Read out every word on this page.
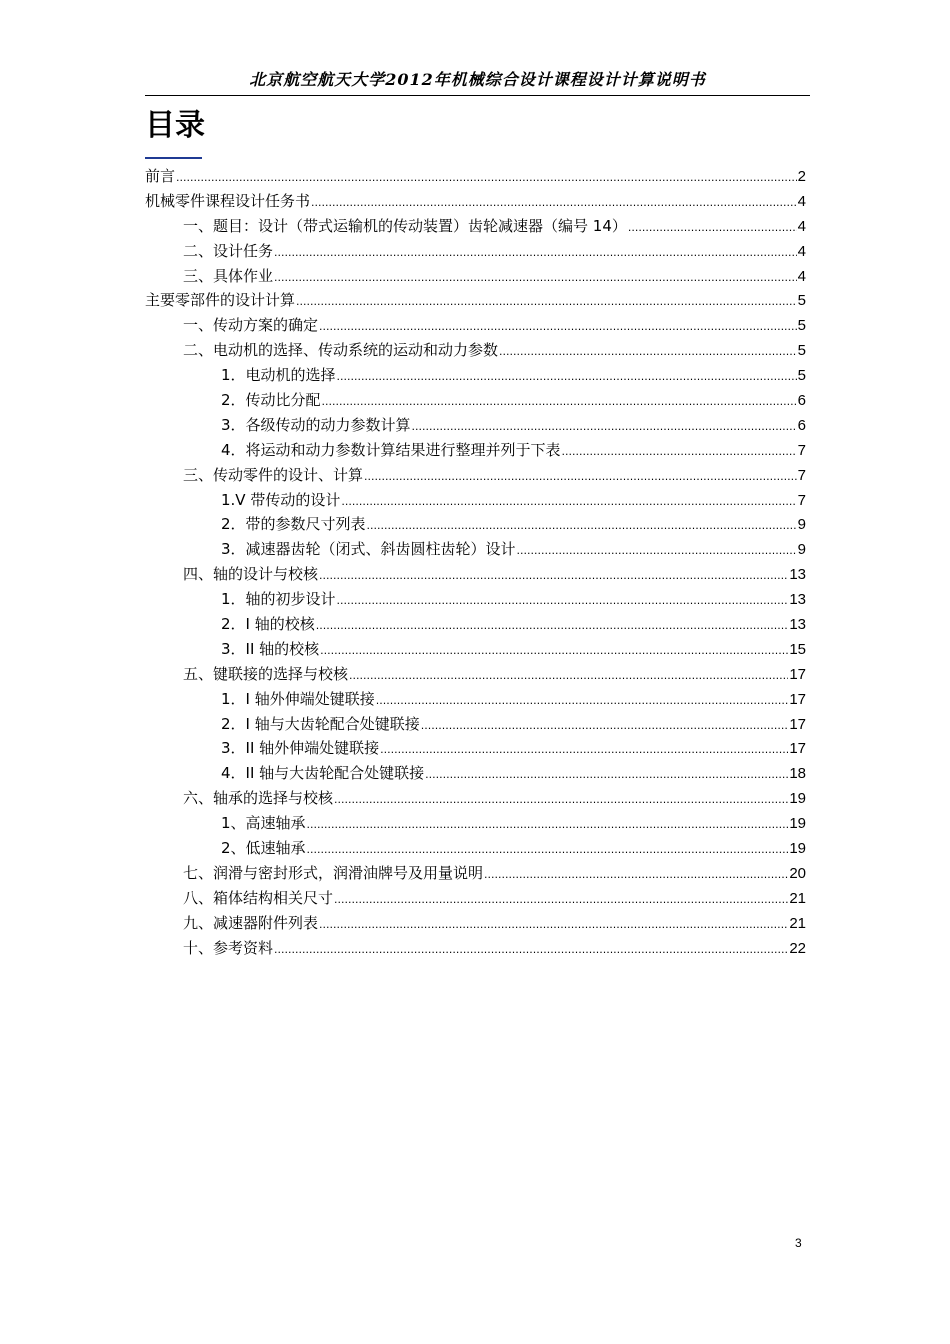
北京航空航天大学2012年机械综合设计课程设计计算说明书
目录
前言 .....	2
机械零件课程设计任务书 .....	4
一、题目：设计（带式运输机的传动装置）齿轮减速器（编号 14） .....	4
二、设计任务 .....	4
三、具体作业 .....	4
主要零部件的设计计算 .....	5
一、传动方案的确定 .....	5
二、电动机的选择、传动系统的运动和动力参数 .....	5
1．电动机的选择 .....	5
2．传动比分配 .....	6
3．各级传动的动力参数计算 .....	6
4．将运动和动力参数计算结果进行整理并列于下表 .....	7
三、传动零件的设计、计算 .....	7
1.V 带传动的设计 .....	7
2．带的参数尺寸列表 .....	9
3．减速器齿轮（闭式、斜齿圆柱齿轮）设计 .....	9
四、轴的设计与校核 .....	13
1．轴的初步设计 .....	13
2．I 轴的校核 .....	13
3．II 轴的校核 .....	15
五、键联接的选择与校核 .....	17
1．I 轴外伸端处键联接 .....	17
2．I 轴与大齿轮配合处键联接 .....	17
3．II 轴外伸端处键联接 .....	17
4．II 轴与大齿轮配合处键联接 .....	18
六、轴承的选择与校核 .....	19
1、高速轴承 .....	19
2、低速轴承 .....	19
七、润滑与密封形式，润滑油牌号及用量说明 .....	20
八、箱体结构相关尺寸 .....	21
九、减速器附件列表 .....	21
十、参考资料 .....	22
3
